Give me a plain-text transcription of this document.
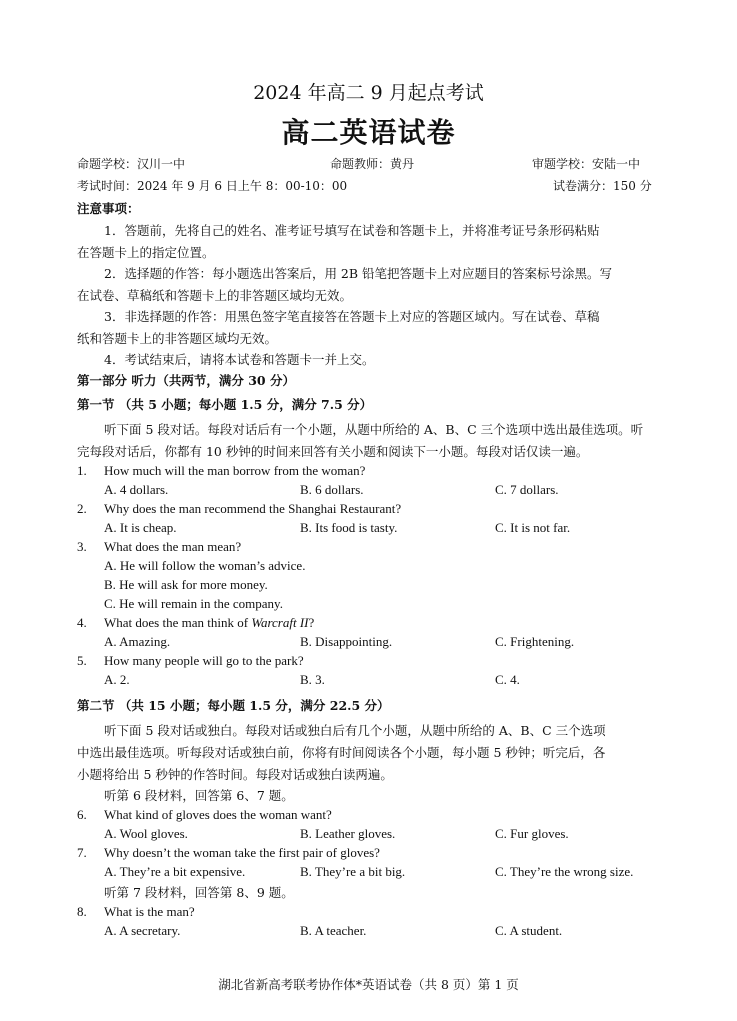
2024 年高二 9 月起点考试
高二英语试卷
命题学校：汉川一中	命题教师：黄丹	审题学校：安陆一中
考试时间：2024 年 9 月 6 日上午 8：00-10：00	试卷满分：150 分
注意事项：
1．答题前，先将自己的姓名、准考证号填写在试卷和答题卡上，并将准考证号条形码粘贴
在答题卡上的指定位置。
2．选择题的作答：每小题选出答案后，用 2B 铅笔把答题卡上对应题目的答案标号涂黑。写
在试卷、草稿纸和答题卡上的非答题区域均无效。
3．非选择题的作答：用黑色签字笔直接答在答题卡上对应的答题区域内。写在试卷、草稿
纸和答题卡上的非答题区域均无效。
4．考试结束后，请将本试卷和答题卡一并上交。
第一部分 听力（共两节，满分 30 分）
第一节 （共 5 小题；每小题 1.5 分，满分 7.5 分）
听下面 5 段对话。每段对话后有一个小题，从题中所给的 A、B、C 三个选项中选出最佳选项。听
完每段对话后，你都有 10 秒钟的时间来回答有关小题和阅读下一小题。每段对话仅读一遍。
1. How much will the man borrow from the woman?
A. 4 dollars.	B. 6 dollars.	C. 7 dollars.
2. Why does the man recommend the Shanghai Restaurant?
A. It is cheap.	B. Its food is tasty.	C. It is not far.
3. What does the man mean?
A. He will follow the woman’s advice.
B. He will ask for more money.
C. He will remain in the company.
4. What does the man think of Warcraft II?
A. Amazing.	B. Disappointing.	C. Frightening.
5. How many people will go to the park?
A. 2.	B. 3.	C. 4.
第二节 （共 15 小题；每小题 1.5 分，满分 22.5 分）
听下面 5 段对话或独白。每段对话或独白后有几个小题，从题中所给的 A、B、C 三个选项
中选出最佳选项。听每段对话或独白前，你将有时间阅读各个小题，每小题 5 秒钟；听完后，各
小题将给出 5 秒钟的作答时间。每段对话或独白读两遍。
听第 6 段材料，回答第 6、7 题。
6. What kind of gloves does the woman want?
A. Wool gloves.	B. Leather gloves.	C. Fur gloves.
7. Why doesn’t the woman take the first pair of gloves?
A. They’re a bit expensive.	B. They’re a bit big.	C. They’re the wrong size.
听第 7 段材料，回答第 8、9 题。
8. What is the man?
A. A secretary.	B. A teacher.	C. A student.
湖北省新高考联考协作体*英语试卷（共 8 页）第 1 页
